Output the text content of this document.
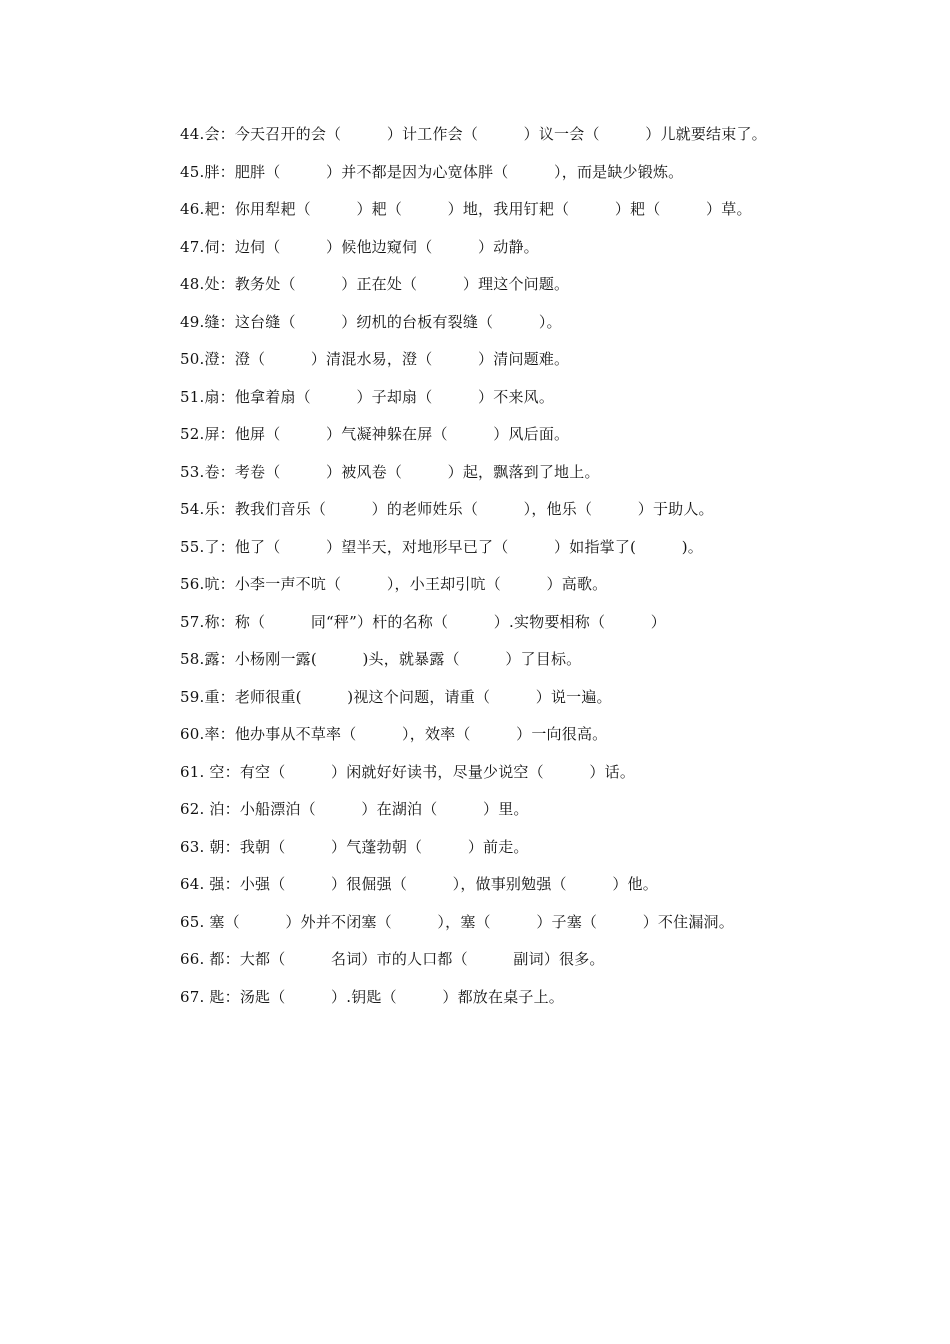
44.会：今天召开的会（　　　）计工作会（　　　）议一会（　　　）儿就要结束了。
45.胖：肥胖（　　　）并不都是因为心宽体胖（　　　），而是缺少锻炼。
46.耙：你用犁耙（　　　）耙（　　　）地，我用钉耙（　　　）耙（　　　）草。
47.伺：边伺（　　　）候他边窥伺（　　　）动静。
48.处：教务处（　　　）正在处（　　　）理这个问题。
49.缝：这台缝（　　　）纫机的台板有裂缝（　　　）。
50.澄：澄（　　　）清混水易，澄（　　　）清问题难。
51.扇：他拿着扇（　　　）子却扇（　　　）不来风。
52.屏：他屏（　　　）气凝神躲在屏（　　　）风后面。
53.卷：考卷（　　　）被风卷（　　　）起，飘落到了地上。
54.乐：教我们音乐（　　　）的老师姓乐（　　　），他乐（　　　）于助人。
55.了：他了（　　　）望半天，对地形早已了（　　　）如指掌了(　　　)。
56.吭：小李一声不吭（　　　），小王却引吭（　　　）高歌。
57.称：称（　　　同“秤”）杆的名称（　　　）.实物要相称（　　　）
58.露：小杨刚一露(　　　)头，就暴露（　　　）了目标。
59.重：老师很重(　　　)视这个问题，请重（　　　）说一遍。
60.率：他办事从不草率（　　　），效率（　　　）一向很高。
61. 空：有空（　　　）闲就好好读书，尽量少说空（　　　）话。
62. 泊：小船漂泊（　　　）在湖泊（　　　）里。
63. 朝：我朝（　　　）气蓬勃朝（　　　）前走。
64. 强：小强（　　　）很倔强（　　　），做事别勉强（　　　）他。
65. 塞（　　　）外并不闭塞（　　　），塞（　　　）子塞（　　　）不住漏洞。
66. 都：大都（　　　名词）市的人口都（　　　副词）很多。
67. 匙：汤匙（　　　）.钥匙（　　　）都放在桌子上。
